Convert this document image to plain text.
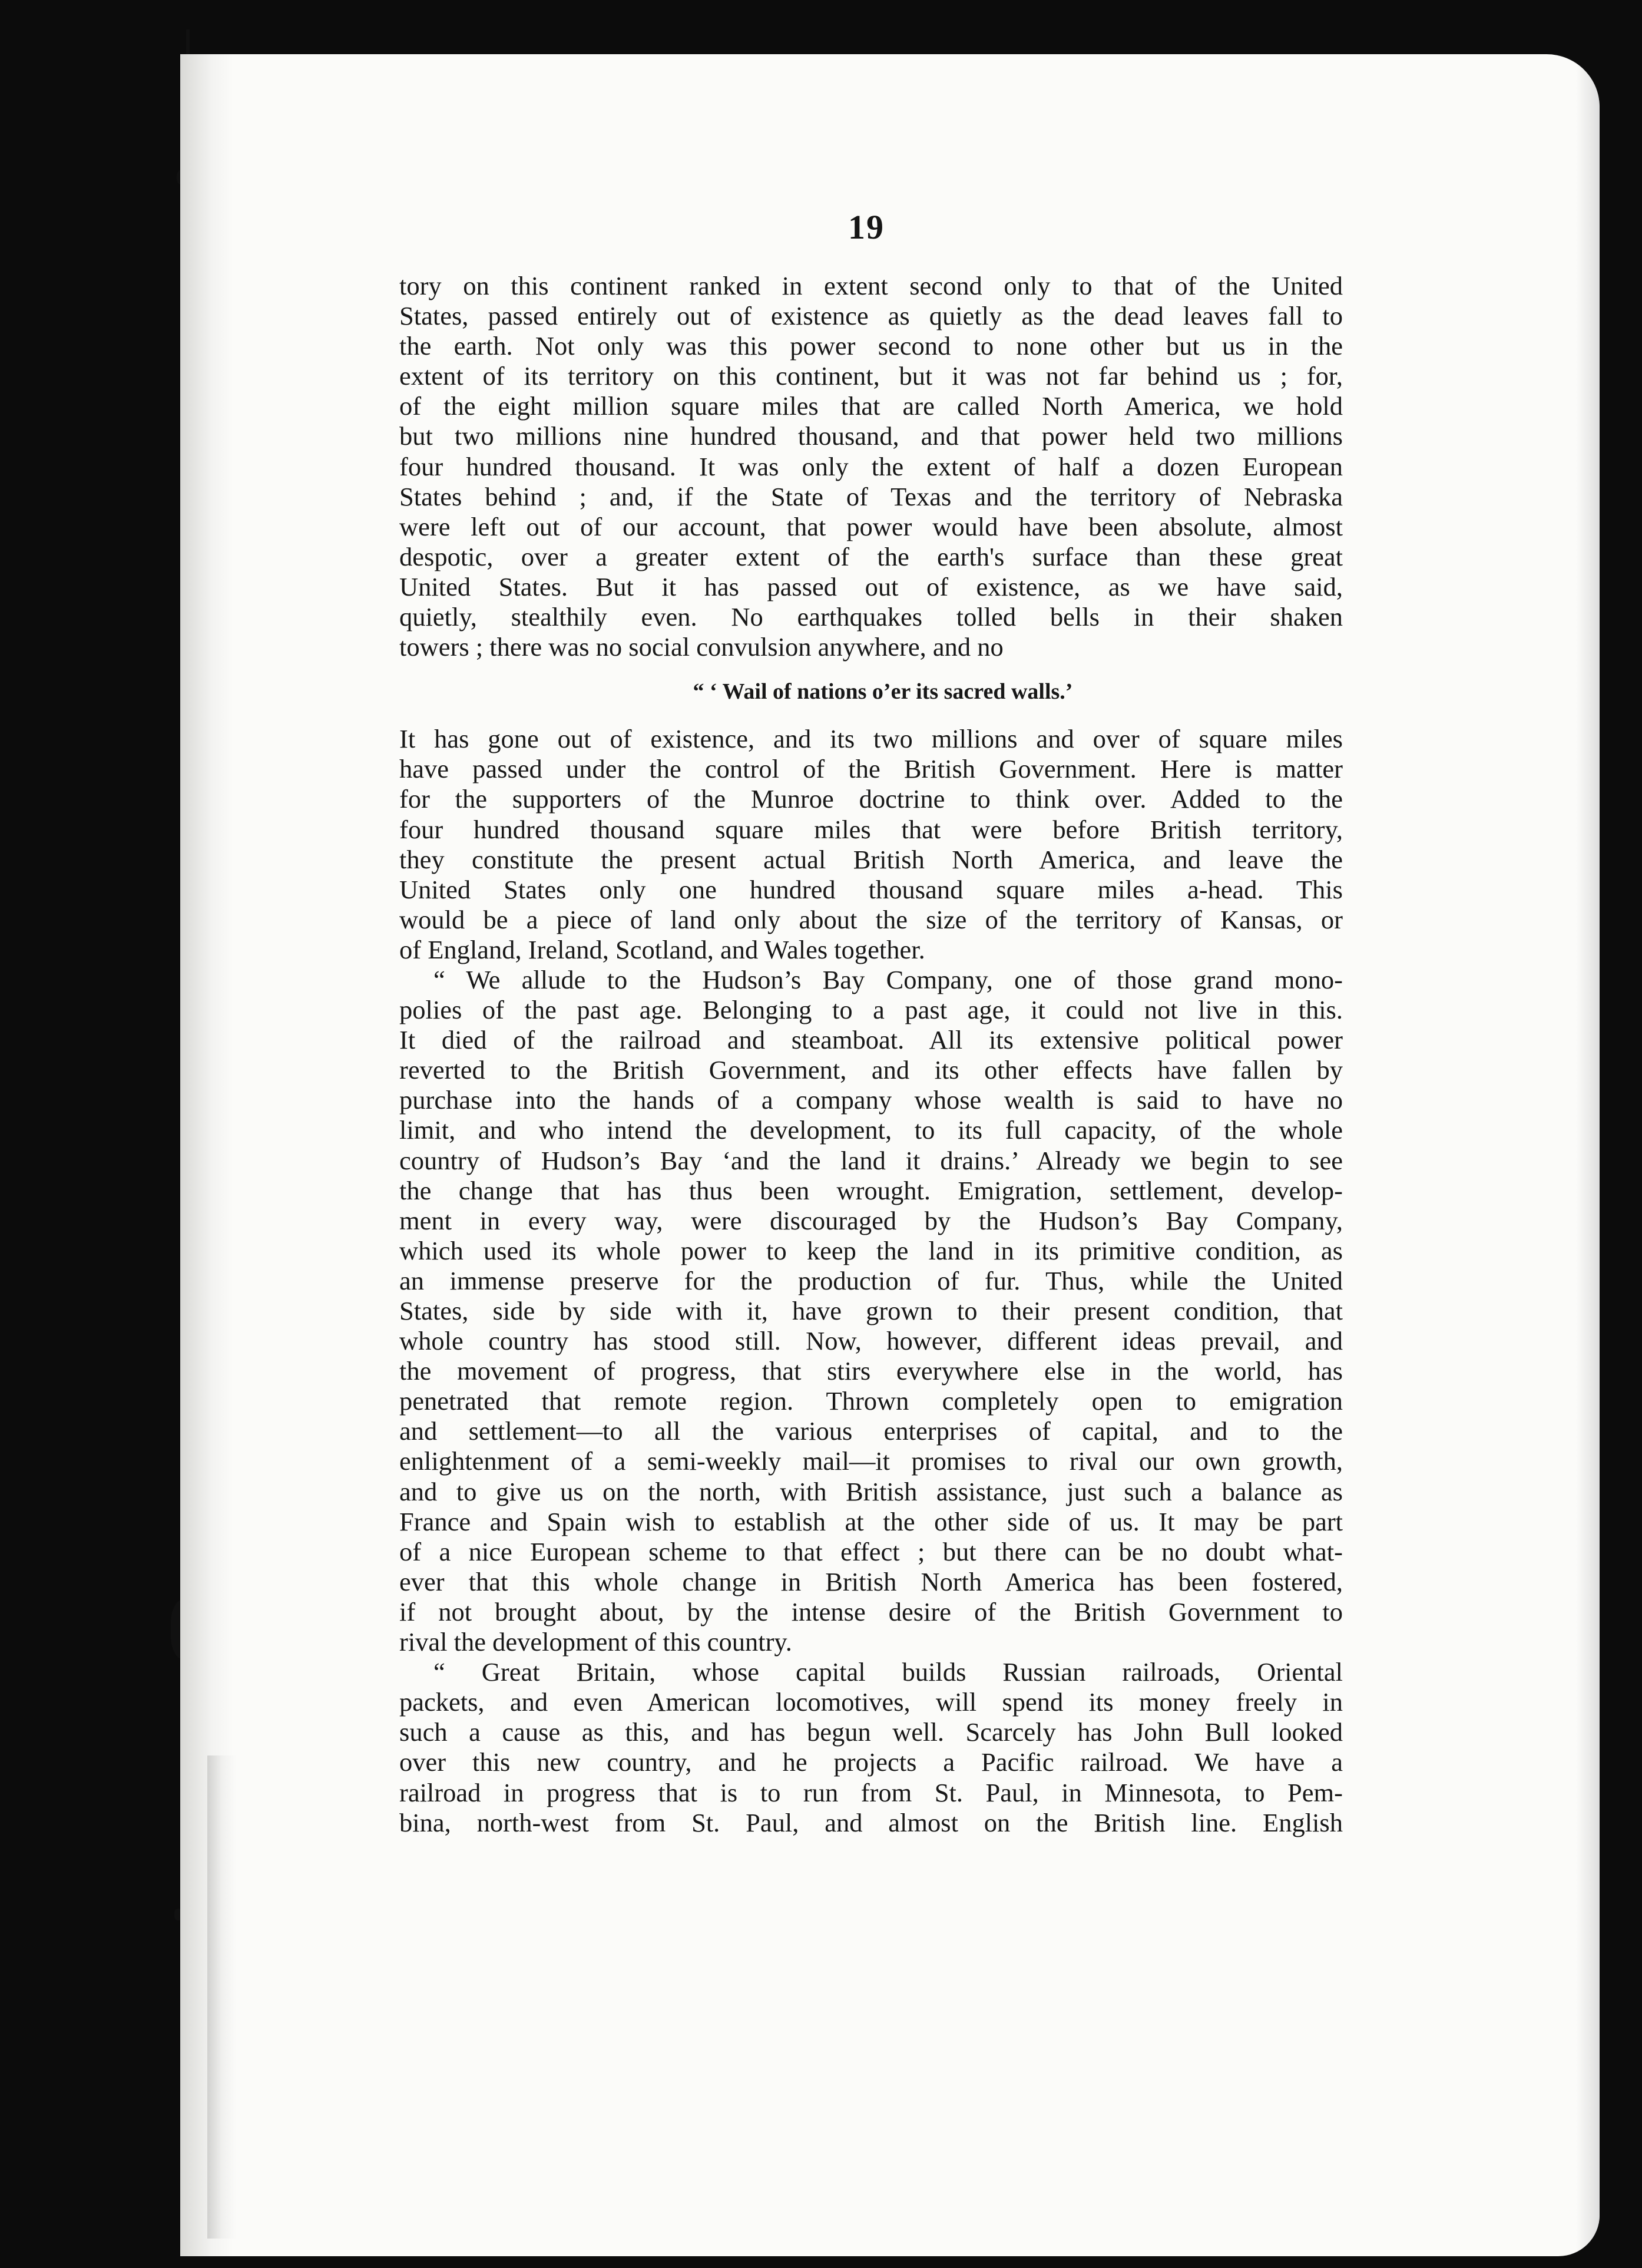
19

tory on this continent ranked in extent second only to that of the United

States, passed entirely out of existence as quietly as the dead leaves fall to

the earth. Not only was this power second to none other but us in the

extent of its territory on this continent, but it was not far behind us ; for,

of the eight million square miles that are called North America, we hold

but two millions nine hundred thousand, and that power held two millions

four hundred thousand. It was only the extent of half a dozen European

States behind ; and, if the State of Texas and the territory of Nebraska

were left out of our account, that power would have been absolute, almost

despotic, over a greater extent of the earth's surface than these great

United States. But it has passed out of existence, as we have said,

quietly, stealthily even. No earthquakes tolled bells in their shaken

towers ; there was no social convulsion anywhere, and no

“ ‘ Wail of nations o’er its sacred walls.’

It has gone out of existence, and its two millions and over of square miles

have passed under the control of the British Government. Here is matter

for the supporters of the Munroe doctrine to think over. Added to the

four hundred thousand square miles that were before British territory,

they constitute the present actual British North America, and leave the

United States only one hundred thousand square miles a-head. This

would be a piece of land only about the size of the territory of Kansas, or

of England, Ireland, Scotland, and Wales together.

“ We allude to the Hudson’s Bay Company, one of those grand mono-

polies of the past age. Belonging to a past age, it could not live in this.

It died of the railroad and steamboat. All its extensive political power

reverted to the British Government, and its other effects have fallen by

purchase into the hands of a company whose wealth is said to have no

limit, and who intend the development, to its full capacity, of the whole

country of Hudson’s Bay ‘and the land it drains.’ Already we begin to see

the change that has thus been wrought. Emigration, settlement, develop-

ment in every way, were discouraged by the Hudson’s Bay Company,

which used its whole power to keep the land in its primitive condition, as

an immense preserve for the production of fur. Thus, while the United

States, side by side with it, have grown to their present condition, that

whole country has stood still. Now, however, different ideas prevail, and

the movement of progress, that stirs everywhere else in the world, has

penetrated that remote region. Thrown completely open to emigration

and settlement—to all the various enterprises of capital, and to the

enlightenment of a semi-weekly mail—it promises to rival our own growth,

and to give us on the north, with British assistance, just such a balance as

France and Spain wish to establish at the other side of us. It may be part

of a nice European scheme to that effect ; but there can be no doubt what-

ever that this whole change in British North America has been fostered,

if not brought about, by the intense desire of the British Government to

rival the development of this country.

“ Great Britain, whose capital builds Russian railroads, Oriental

packets, and even American locomotives, will spend its money freely in

such a cause as this, and has begun well. Scarcely has John Bull looked

over this new country, and he projects a Pacific railroad. We have a

railroad in progress that is to run from St. Paul, in Minnesota, to Pem-

bina, north-west from St. Paul, and almost on the British line. English
